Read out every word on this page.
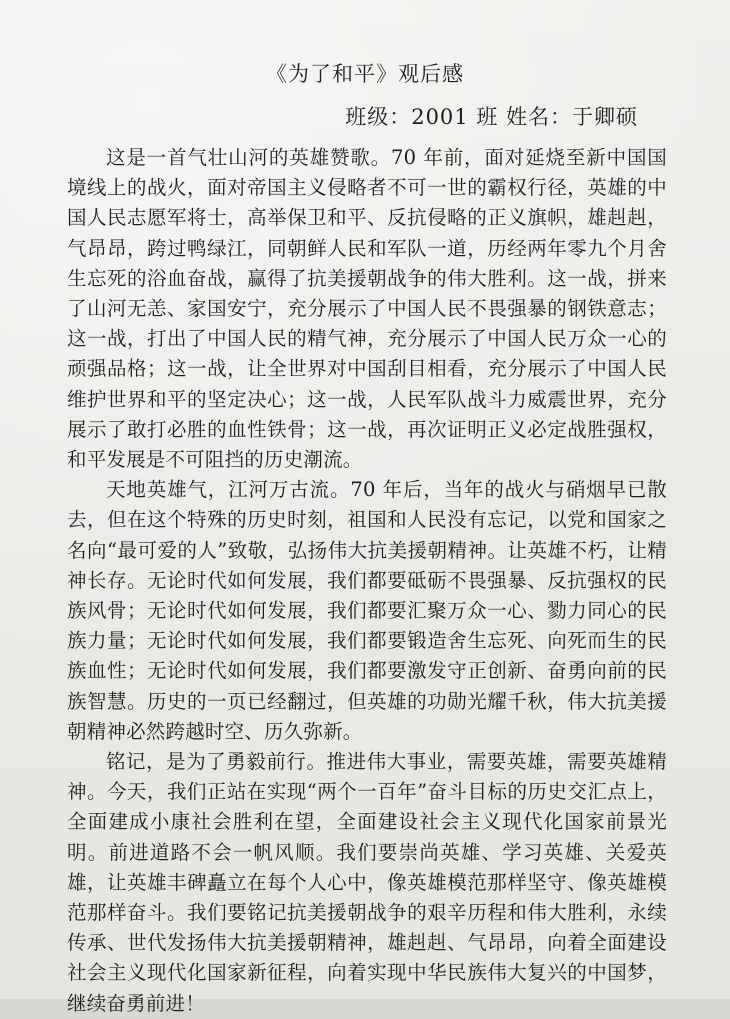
《为了和平》观后感
班级：2001 班 姓名：于卿硕

这是一首气壮山河的英雄赞歌。70 年前，面对延烧至新中国国境线上的战火，面对帝国主义侵略者不可一世的霸权行径，英雄的中国人民志愿军将士，高举保卫和平、反抗侵略的正义旗帜，雄赳赳，气昂昂，跨过鸭绿江，同朝鲜人民和军队一道，历经两年零九个月舍生忘死的浴血奋战，赢得了抗美援朝战争的伟大胜利。这一战，拼来了山河无恙、家国安宁，充分展示了中国人民不畏强暴的钢铁意志；这一战，打出了中国人民的精气神，充分展示了中国人民万众一心的顽强品格；这一战，让全世界对中国刮目相看，充分展示了中国人民维护世界和平的坚定决心；这一战，人民军队战斗力威震世界，充分展示了敢打必胜的血性铁骨；这一战，再次证明正义必定战胜强权，和平发展是不可阻挡的历史潮流。

天地英雄气，江河万古流。70 年后，当年的战火与硝烟早已散去，但在这个特殊的历史时刻，祖国和人民没有忘记，以党和国家之名向“最可爱的人”致敬，弘扬伟大抗美援朝精神。让英雄不朽，让精神长存。无论时代如何发展，我们都要砥砺不畏强暴、反抗强权的民族风骨；无论时代如何发展，我们都要汇聚万众一心、勠力同心的民族力量；无论时代如何发展，我们都要锻造舍生忘死、向死而生的民族血性；无论时代如何发展，我们都要激发守正创新、奋勇向前的民族智慧。历史的一页已经翻过，但英雄的功勋光耀千秋，伟大抗美援朝精神必然跨越时空、历久弥新。

铭记，是为了勇毅前行。推进伟大事业，需要英雄，需要英雄精神。今天，我们正站在实现“两个一百年”奋斗目标的历史交汇点上，全面建成小康社会胜利在望，全面建设社会主义现代化国家前景光明。前进道路不会一帆风顺。我们要崇尚英雄、学习英雄、关爱英雄，让英雄丰碑矗立在每个人心中，像英雄模范那样坚守、像英雄模范那样奋斗。我们要铭记抗美援朝战争的艰辛历程和伟大胜利，永续传承、世代发扬伟大抗美援朝精神，雄赳赳、气昂昂，向着全面建设社会主义现代化国家新征程，向着实现中华民族伟大复兴的中国梦，继续奋勇前进！
